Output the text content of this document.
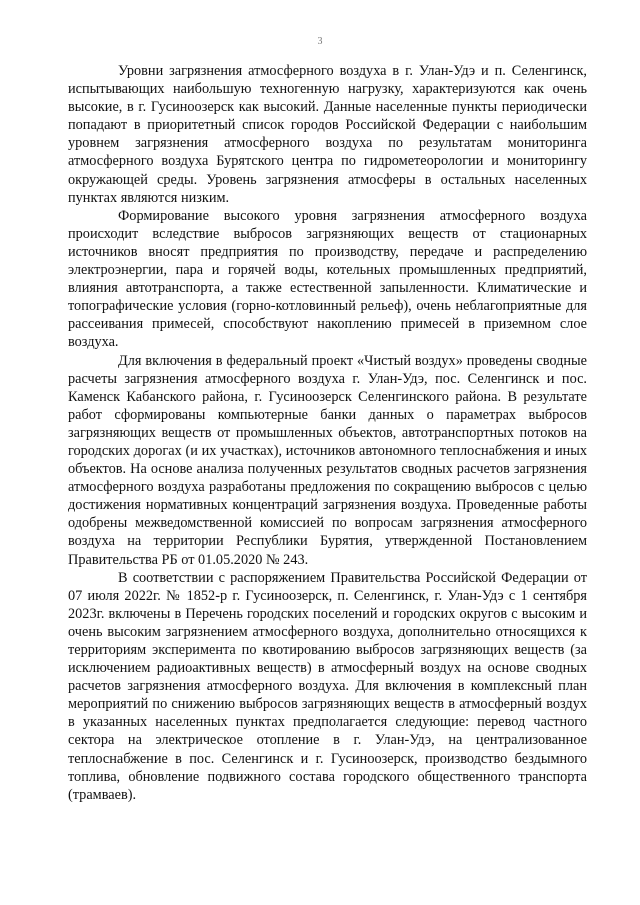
3

Уровни загрязнения атмосферного воздуха в г. Улан-Удэ и п. Селенгинск, испытывающих наибольшую техногенную нагрузку, характеризуются как очень высокие, в г. Гусиноозерск как высокий. Данные населенные пункты периодически попадают в приоритетный список городов Российской Федерации с наибольшим уровнем загрязнения атмосферного воздуха по результатам мониторинга атмосферного воздуха Бурятского центра по гидрометеорологии и мониторингу окружающей среды. Уровень загрязнения атмосферы в остальных населенных пунктах являются низким.

Формирование высокого уровня загрязнения атмосферного воздуха происходит вследствие выбросов загрязняющих веществ от стационарных источников вносят предприятия по производству, передаче и распределению электроэнергии, пара и горячей воды, котельных промышленных предприятий, влияния автотранспорта, а также естественной запыленности. Климатические и топографические условия (горно-котловинный рельеф), очень неблагоприятные для рассеивания примесей, способствуют накоплению примесей в приземном слое воздуха.

Для включения в федеральный проект «Чистый воздух» проведены сводные расчеты загрязнения атмосферного воздуха г. Улан-Удэ, пос. Селенгинск и пос. Каменск Кабанского района, г. Гусиноозерск Селенгинского района. В результате работ сформированы компьютерные банки данных о параметрах выбросов загрязняющих веществ от промышленных объектов, автотранспортных потоков на городских дорогах (и их участках), источников автономного теплоснабжения и иных объектов. На основе анализа полученных результатов сводных расчетов загрязнения атмосферного воздуха разработаны предложения по сокращению выбросов с целью достижения нормативных концентраций загрязнения воздуха. Проведенные работы одобрены межведомственной комиссией по вопросам загрязнения атмосферного воздуха на территории Республики Бурятия, утвержденной Постановлением Правительства РБ от 01.05.2020 № 243.

В соответствии с распоряжением Правительства Российской Федерации от 07 июля 2022г. № 1852-р г. Гусиноозерск, п. Селенгинск, г. Улан-Удэ с 1 сентября 2023г. включены в Перечень городских поселений и городских округов с высоким и очень высоким загрязнением атмосферного воздуха, дополнительно относящихся к территориям эксперимента по квотированию выбросов загрязняющих веществ (за исключением радиоактивных веществ) в атмосферный воздух на основе сводных расчетов загрязнения атмосферного воздуха. Для включения в комплексный план мероприятий по снижению выбросов загрязняющих веществ в атмосферный воздух в указанных населенных пунктах предполагается следующие: перевод частного сектора на электрическое отопление в г. Улан-Удэ, на централизованное теплоснабжение в пос. Селенгинск и г. Гусиноозерск, производство бездымного топлива, обновление подвижного состава городского общественного транспорта (трамваев).
